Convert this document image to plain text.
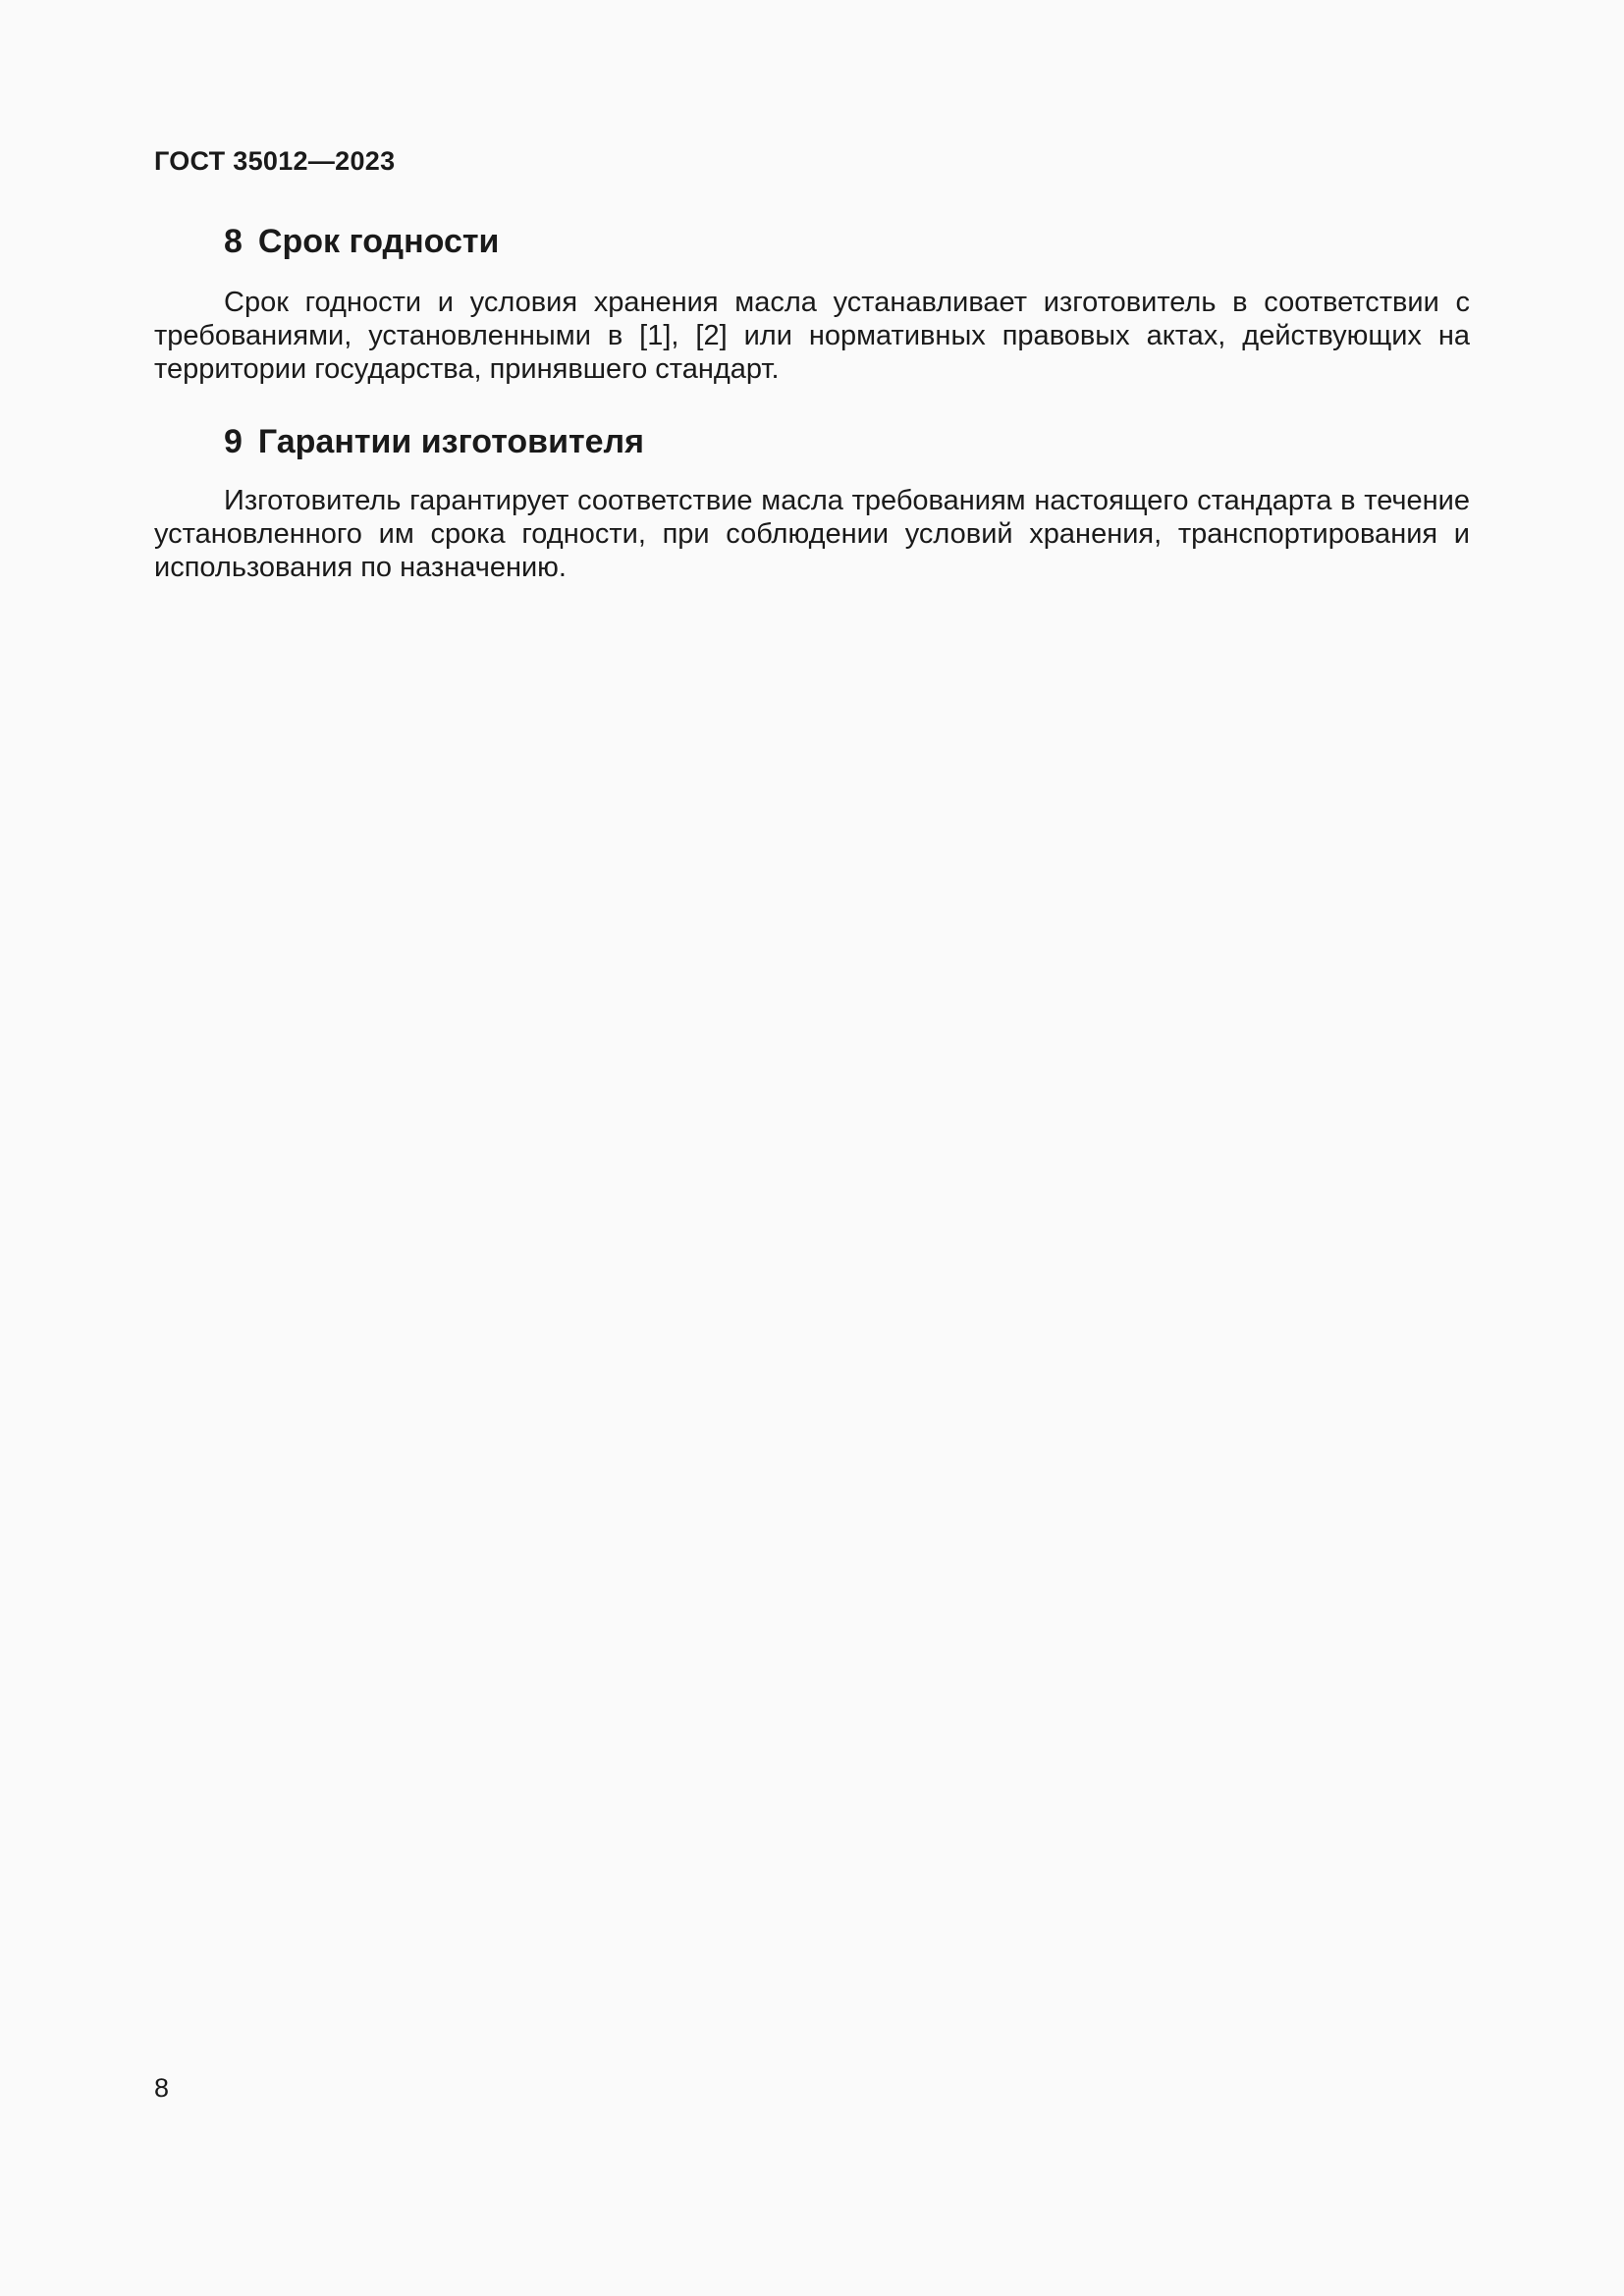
ГОСТ 35012—2023
8 Срок годности

Срок годности и условия хранения масла устанавливает изготовитель в соответствии с требованиями, установленными в [1], [2] или нормативных правовых актах, действующих на территории государства, принявшего стандарт.

9 Гарантии изготовителя

Изготовитель гарантирует соответствие масла требованиям настоящего стандарта в течение установленного им срока годности, при соблюдении условий хранения, транспортирования и использования по назначению.

8
